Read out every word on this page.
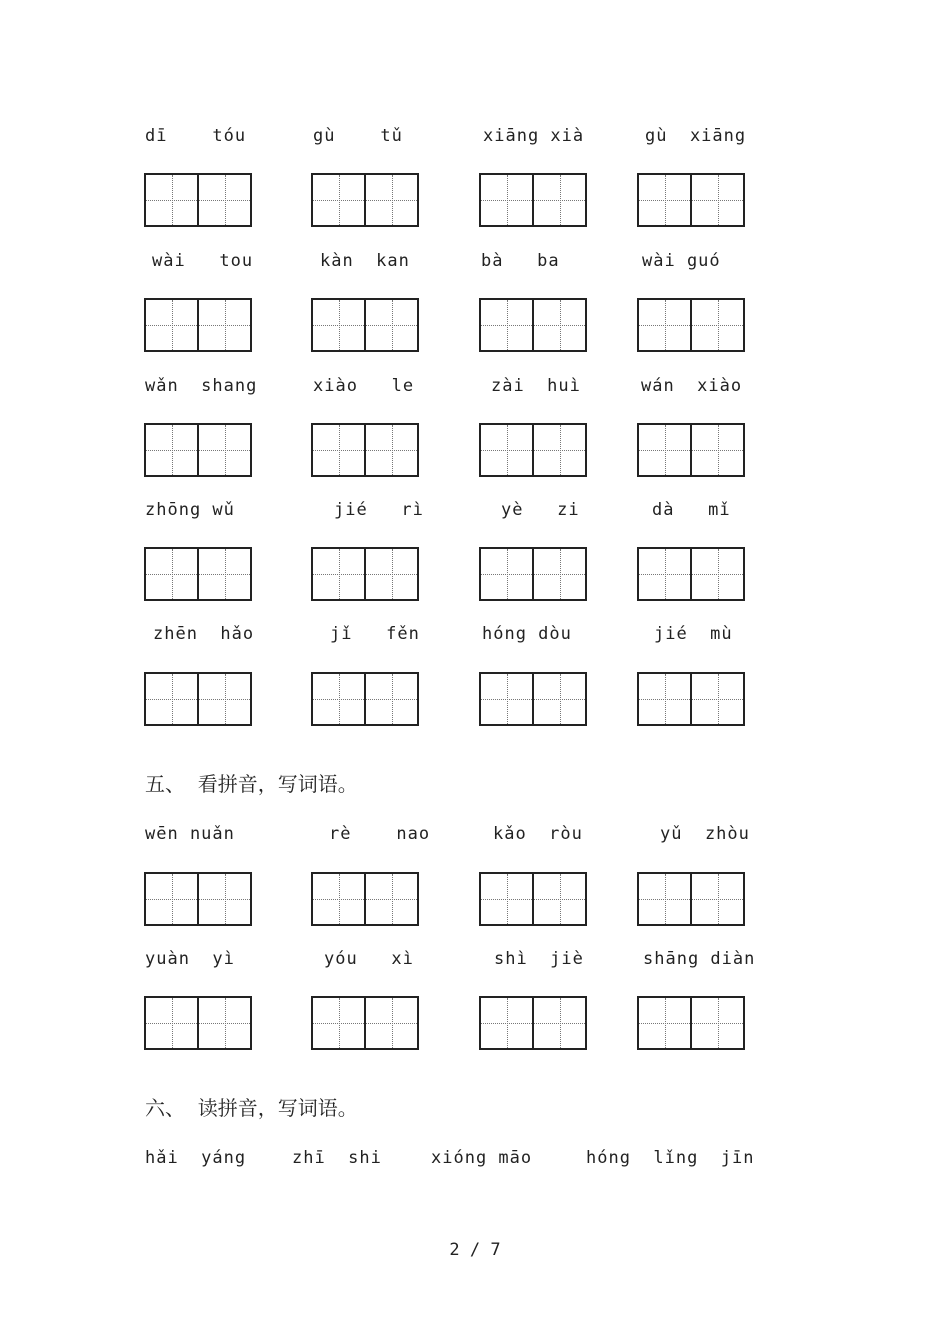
dī    tóu	gù    tǔ	xiāng xià	gù  xiāng
wài   tou	kàn  kan	bà   ba	wài guó
wǎn  shang	xiào   le	zài  huì	wán  xiào
zhōng wǔ	jié   rì	yè   zi	dà   mǐ
zhēn  hǎo	jǐ   fěn	hóng dòu	jié  mù
五、  看拼音，写词语。
wēn nuǎn	rè    nao	kǎo  ròu	yǔ  zhòu
yuàn  yì	yóu   xì	shì  jiè	shāng diàn
六、  读拼音，写词语。
hǎi  yáng	zhī  shi	xióng māo	hóng  lǐng  jīn
2 / 7
